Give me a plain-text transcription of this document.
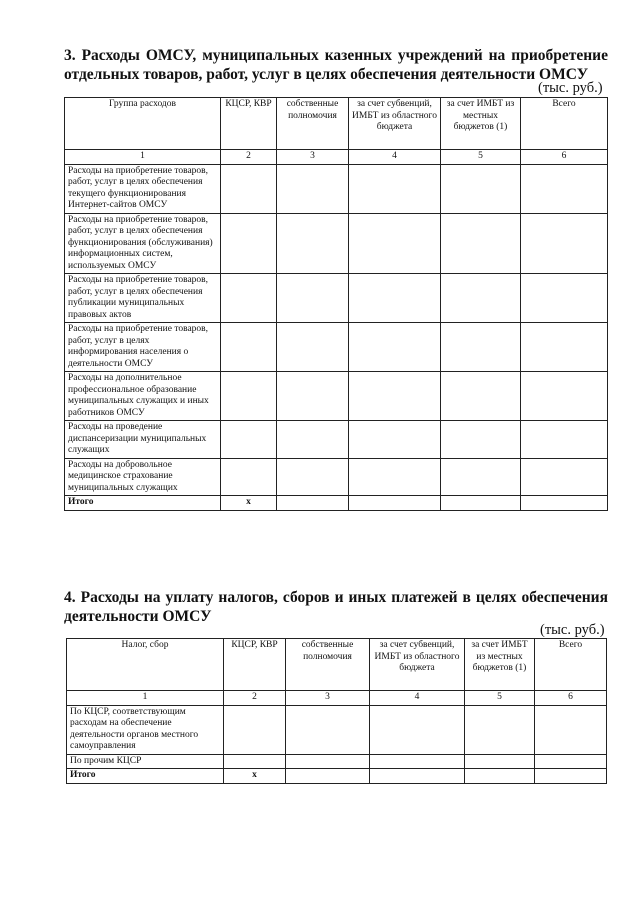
3. Расходы ОМСУ, муниципальных казенных учреждений на приобретение отдельных товаров, работ, услуг в целях обеспечения деятельности ОМСУ
(тыс. руб.)
Группа расходов	КЦСР, КВР	собственные полномочия	за счет субвенций, ИМБТ из областного бюджета	за счет ИМБТ из местных бюджетов (1)	Всего
1	2	3	4	5	6
Расходы на приобретение товаров, работ, услуг в целях обеспечения текущего функционирования Интернет-сайтов ОМСУ					
Расходы на приобретение товаров, работ, услуг в целях обеспечения функционирования (обслуживания) информационных систем, используемых ОМСУ					
Расходы на приобретение товаров, работ, услуг в целях обеспечения публикации муниципальных правовых актов					
Расходы на приобретение товаров, работ, услуг в целях информирования населения о деятельности ОМСУ					
Расходы на дополнительное профессиональное образование муниципальных служащих и иных работников ОМСУ					
Расходы на проведение диспансеризации муниципальных служащих					
Расходы на добровольное медицинское страхование муниципальных служащих					
Итого	х				
4. Расходы на уплату налогов, сборов и иных платежей в целях обеспечения деятельности ОМСУ
(тыс. руб.)
Налог, сбор	КЦСР, КВР	собственные полномочия	за счет субвенций, ИМБТ из областного бюджета	за счет ИМБТ из местных бюджетов (1)	Всего
1	2	3	4	5	6
По КЦСР, соответствующим расходам на обеспечение деятельности органов местного самоуправления					
По прочим КЦСР					
Итого	х				
